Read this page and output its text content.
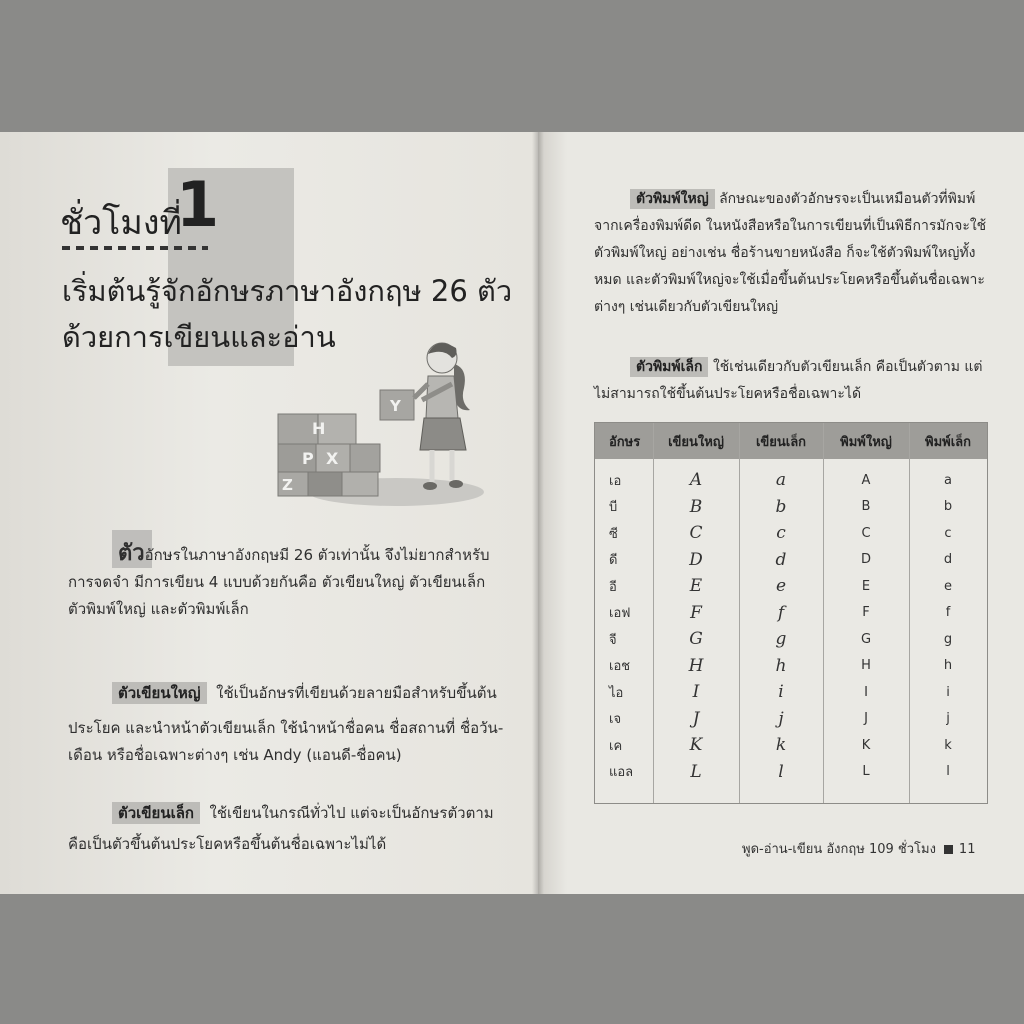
ชั่วโมงที่
1
เริ่มต้นรู้จักอักษรภาษาอังกฤษ 26 ตัว
ด้วยการเขียนและอ่าน
H
P X
Z
Y
ตัวอักษรในภาษาอังกฤษมี 26 ตัวเท่านั้น จึงไม่ยากสำหรับ
การจดจำ มีการเขียน 4 แบบด้วยกันคือ ตัวเขียนใหญ่ ตัวเขียนเล็ก
ตัวพิมพ์ใหญ่ และตัวพิมพ์เล็ก
ตัวเขียนใหญ่ ใช้เป็นอักษรที่เขียนด้วยลายมือสำหรับขึ้นต้น
ประโยค และนำหน้าตัวเขียนเล็ก ใช้นำหน้าชื่อคน ชื่อสถานที่ ชื่อวัน-
เดือน หรือชื่อเฉพาะต่างๆ เช่น Andy (แอนดี-ชื่อคน)
ตัวเขียนเล็ก ใช้เขียนในกรณีทั่วไป แต่จะเป็นอักษรตัวตาม
คือเป็นตัวขึ้นต้นประโยคหรือขึ้นต้นชื่อเฉพาะไม่ได้
ตัวพิมพ์ใหญ่ ลักษณะของตัวอักษรจะเป็นเหมือนตัวที่พิมพ์
จากเครื่องพิมพ์ดีด ในหนังสือหรือในการเขียนที่เป็นพิธีการมักจะใช้
ตัวพิมพ์ใหญ่ อย่างเช่น ชื่อร้านขายหนังสือ ก็จะใช้ตัวพิมพ์ใหญ่ทั้ง
หมด และตัวพิมพ์ใหญ่จะใช้เมื่อขึ้นต้นประโยคหรือขึ้นต้นชื่อเฉพาะ
ต่างๆ เช่นเดียวกับตัวเขียนใหญ่
ตัวพิมพ์เล็ก ใช้เช่นเดียวกับตัวเขียนเล็ก คือเป็นตัวตาม แต่
ไม่สามารถใช้ขึ้นต้นประโยคหรือชื่อเฉพาะได้
อักษร	เขียนใหญ่	เขียนเล็ก	พิมพ์ใหญ่	พิมพ์เล็ก
เอ	A	a	A	a
บี	B	b	B	b
ซี	C	c	C	c
ดี	D	d	D	d
อี	E	e	E	e
เอฟ	F	f	F	f
จี	G	g	G	g
เอช	H	h	H	h
ไอ	I	i	I	i
เจ	J	j	J	j
เค	K	k	K	k
แอล	L	l	L	l
พูด-อ่าน-เขียน อังกฤษ 109 ชั่วโมง 11
